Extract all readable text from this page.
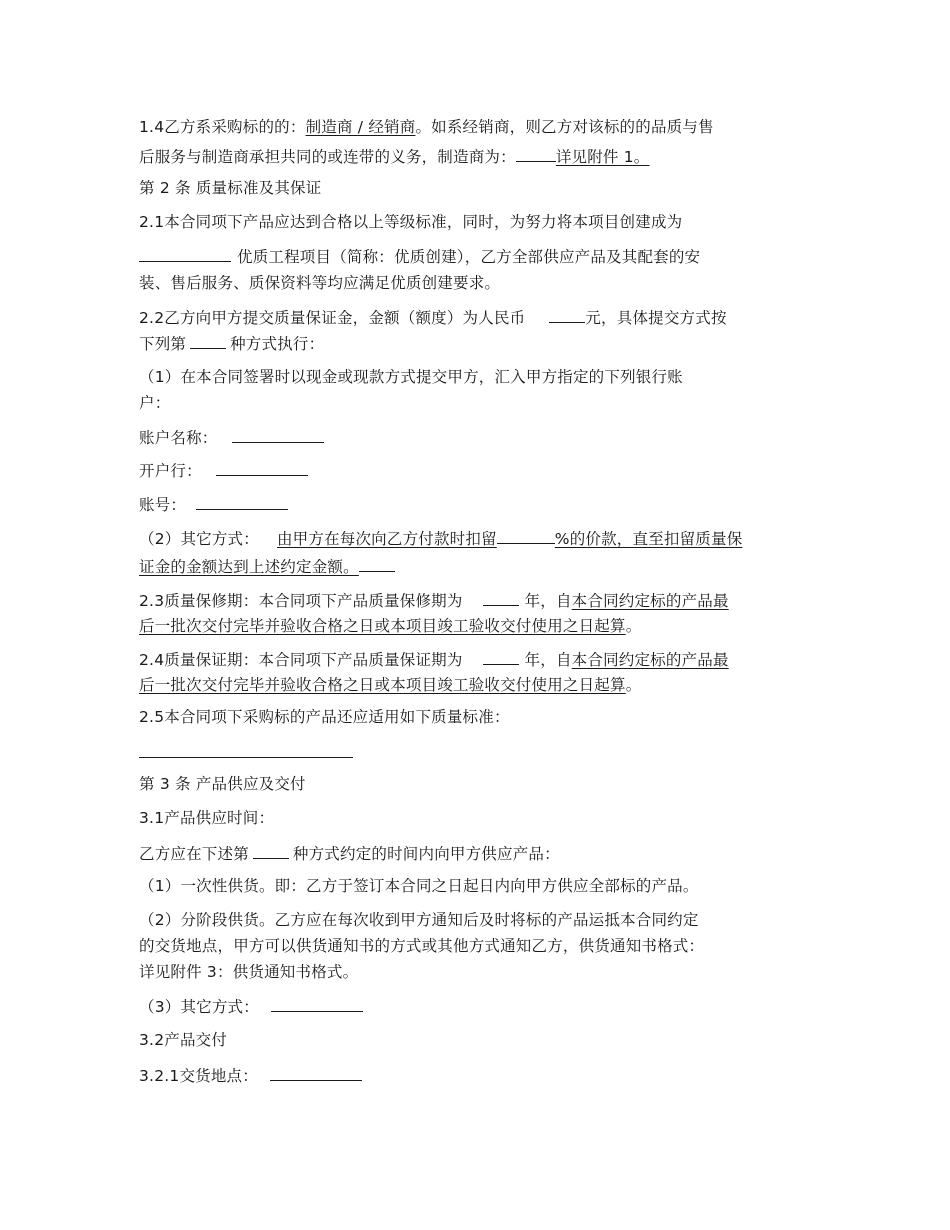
1.4乙方系采购标的的：制造商 / 经销商。如系经销商，则乙方对该标的的品质与售
后服务与制造商承担共同的或连带的义务，制造商为：	详见附件 1。
第 2 条 质量标准及其保证
2.1本合同项下产品应达到合格以上等级标准，同时，为努力将本项目创建成为
优质工程项目（简称：优质创建），乙方全部供应产品及其配套的安
装、售后服务、质保资料等均应满足优质创建要求。
2.2乙方向甲方提交质量保证金，金额（额度）为人民币	元，具体提交方式按
下列第	种方式执行：
（1）在本合同签署时以现金或现款方式提交甲方，汇入甲方指定的下列银行账
户：
账户名称：
开户行：
账号：
（2）其它方式： 由甲方在每次向乙方付款时扣留	%的价款，直至扣留质量保
证金的金额达到上述约定金额。
2.3质量保修期：本合同项下产品质量保修期为	年，自本合同约定标的产品最
后一批次交付完毕并验收合格之日或本项目竣工验收交付使用之日起算。
2.4质量保证期：本合同项下产品质量保证期为	年，自本合同约定标的产品最
后一批次交付完毕并验收合格之日或本项目竣工验收交付使用之日起算。
2.5本合同项下采购标的产品还应适用如下质量标准：
第 3 条 产品供应及交付
3.1产品供应时间：
乙方应在下述第	种方式约定的时间内向甲方供应产品：
（1）一次性供货。即：乙方于签订本合同之日起日内向甲方供应全部标的产品。
（2）分阶段供货。乙方应在每次收到甲方通知后及时将标的产品运抵本合同约定
的交货地点，甲方可以供货通知书的方式或其他方式通知乙方，供货通知书格式：
详见附件 3：供货通知书格式。
（3）其它方式：
3.2产品交付
3.2.1交货地点：
